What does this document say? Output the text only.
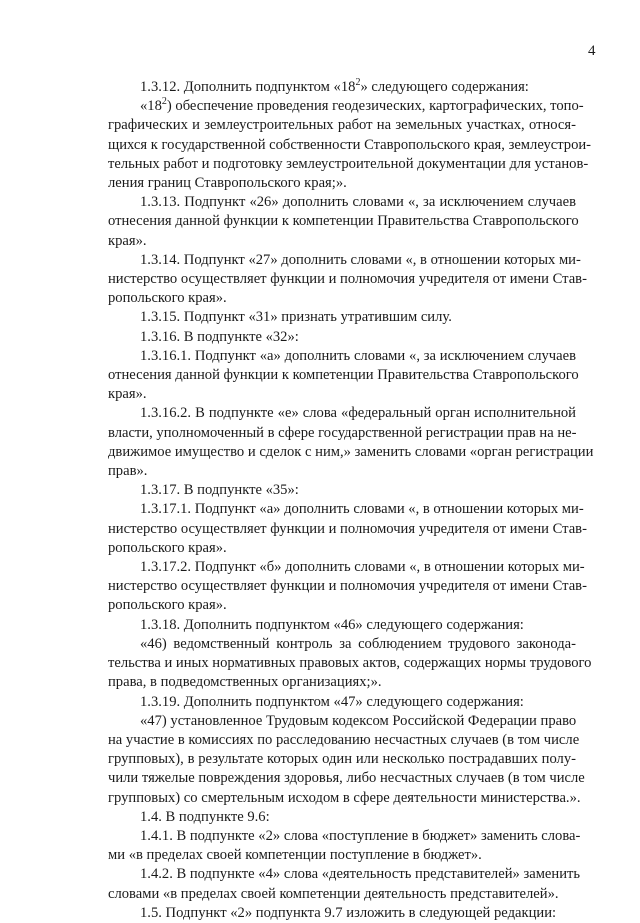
4
1.3.12. Дополнить подпунктом «$18^2$» следующего содержания:
«$18^2$) обеспечение проведения геодезических, картографических, топо-
графических и землеустроительных работ на земельных участках, относя-
щихся к государственной собственности Ставропольского края, землеустрои-
тельных работ и подготовку землеустроительной документации для установ-
ления границ Ставропольского края;».
1.3.13. Подпункт «26» дополнить словами «, за исключением случаев
отнесения данной функции к компетенции Правительства Ставропольского
края».
1.3.14. Подпункт «27» дополнить словами «, в отношении которых ми-
нистерство осуществляет функции и полномочия учредителя от имени Став-
ропольского края».
1.3.15. Подпункт «31» признать утратившим силу.
1.3.16. В подпункте «32»:
1.3.16.1. Подпункт «а» дополнить словами «, за исключением случаев
отнесения данной функции к компетенции Правительства Ставропольского
края».
1.3.16.2. В подпункте «е» слова «федеральный орган исполнительной
власти, уполномоченный в сфере государственной регистрации прав на не-
движимое имущество и сделок с ним,» заменить словами «орган регистрации
прав».
1.3.17. В подпункте «35»:
1.3.17.1. Подпункт «а» дополнить словами «, в отношении которых ми-
нистерство осуществляет функции и полномочия учредителя от имени Став-
ропольского края».
1.3.17.2. Подпункт «б» дополнить словами «, в отношении которых ми-
нистерство осуществляет функции и полномочия учредителя от имени Став-
ропольского края».
1.3.18. Дополнить подпунктом «46» следующего содержания:
«46) ведомственный контроль за соблюдением трудового законода-
тельства и иных нормативных правовых актов, содержащих нормы трудового
права, в подведомственных организациях;».
1.3.19. Дополнить подпунктом «47» следующего содержания:
«47) установленное Трудовым кодексом Российской Федерации право
на участие в комиссиях по расследованию несчастных случаев (в том числе
групповых), в результате которых один или несколько пострадавших полу-
чили тяжелые повреждения здоровья, либо несчастных случаев (в том числе
групповых) со смертельным исходом в сфере деятельности министерства.».
1.4. В подпункте 9.6:
1.4.1. В подпункте «2» слова «поступление в бюджет» заменить слова-
ми «в пределах своей компетенции поступление в бюджет».
1.4.2. В подпункте «4» слова «деятельность представителей» заменить
словами «в пределах своей компетенции деятельность представителей».
1.5. Подпункт «2» подпункта 9.7 изложить в следующей редакции:
